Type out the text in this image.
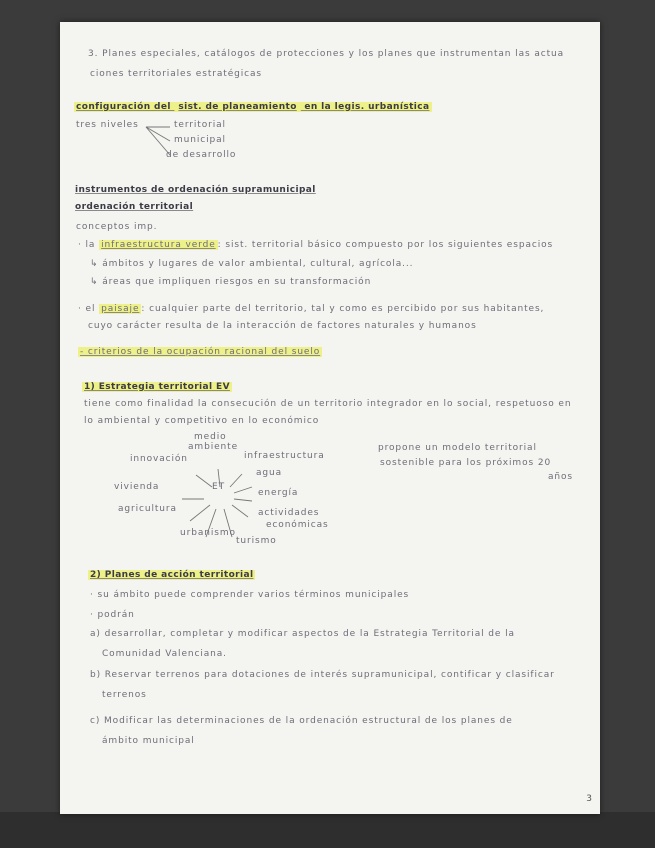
3. Planes especiales, catálogos de protecciones y los planes que instrumentan las actua
ciones territoriales estratégicas
configuración del sist. de planeamiento en la legis. urbanística
tres niveles	territorial
municipal
de desarrollo
instrumentos de ordenación supramunicipal
ordenación territorial
conceptos imp.
· la infraestructura verde : sist. territorial básico compuesto por los siguientes espacios
↳ ámbitos y lugares de valor ambiental, cultural, agrícola...
↳ áreas que impliquen riesgos en su transformación
· el paisaje : cualquier parte del territorio, tal y como es percibido por sus habitantes,
cuyo carácter resulta de la interacción de factores naturales y humanos
- criterios de la ocupación racional del suelo
1) Estrategia territorial EV
tiene como finalidad la consecución de un territorio integrador en lo social, respetuoso en
lo ambiental y competitivo en lo económico
ET
medio
ambiente
innovación	infraestructura
agua
energía
vivienda
agricultura	actividades
económicas
urbanismo
turismo
propone un modelo territorial
sostenible para los próximos 20
años
2) Planes de acción territorial
· su ámbito puede comprender varios términos municipales
· podrán
a) desarrollar, completar y modificar aspectos de la Estrategia Territorial de la
Comunidad Valenciana.
b) Reservar terrenos para dotaciones de interés supramunicipal, contificar y clasificar
terrenos
c) Modificar las determinaciones de la ordenación estructural de los planes de
ámbito municipal
3
